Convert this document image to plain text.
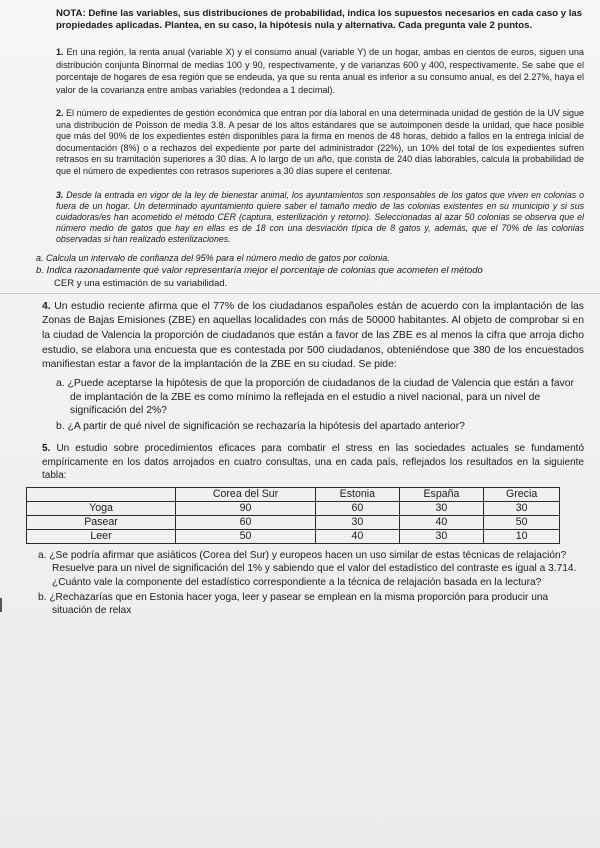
NOTA: Define las variables, sus distribuciones de probabilidad, indica los supuestos necesarios en cada caso y las propiedades aplicadas. Plantea, en su caso, la hipótesis nula y alternativa. Cada pregunta vale 2 puntos.

1. En una región, la renta anual (variable X) y el consumo anual (variable Y) de un hogar, ambas en cientos de euros, siguen una distribución conjunta Binormal de medias 100 y 90, respectivamente, y de varianzas 600 y 400, respectivamente. Se sabe que el porcentaje de hogares de esa región que se endeuda, ya que su renta anual es inferior a su consumo anual, es del 2.27%, haya el valor de la covarianza entre ambas variables (redondea a 1 decimal).

2. El número de expedientes de gestión económica que entran por día laboral en una determinada unidad de gestión de la UV sigue una distribución de Poisson de media 3.8. A pesar de los altos estándares que se autoimponen desde la unidad, que hace posible que más del 90% de los expedientes estén disponibles para la firma en menos de 48 horas, debido a fallos en la entrega inicial de documentación (8%) o a rechazos del expediente por parte del administrador (22%), un 10% del total de los expedientes sufren retrasos en su tramitación superiores a 30 días. A lo largo de un año, que consta de 240 días laborables, calcula la probabilidad de que el número de expedientes con retrasos superiores a 30 días supere el centenar.

3. Desde la entrada en vigor de la ley de bienestar animal, los ayuntamientos son responsables de los gatos que viven en colonias o fuera de un hogar. Un determinado ayuntamiento quiere saber el tamaño medio de las colonias existentes en su municipio y si sus cuidadoras/es han acometido el método CER (captura, esterilización y retorno). Seleccionadas al azar 50 colonias se observa que el número medio de gatos que hay en ellas es de 18 con una desviación típica de 8 gatos y, además, que el 70% de las colonias observadas si han realizado esterilizaciones.

a. Calcula un intervalo de confianza del 95% para el número medio de gatos por colonia.

b. Indica razonadamente qué valor representaría mejor el porcentaje de colonias que acometen el método
CER y una estimación de su variabilidad.

4. Un estudio reciente afirma que el 77% de los ciudadanos españoles están de acuerdo con la implantación de las Zonas de Bajas Emisiones (ZBE) en aquellas localidades con más de 50000 habitantes. Al objeto de comprobar si en la ciudad de Valencia la proporción de ciudadanos que están a favor de las ZBE es al menos la cifra que arroja dicho estudio, se elabora una encuesta que es contestada por 500 ciudadanos, obteniéndose que 380 de los encuestados manifiestan estar a favor de la implantación de la ZBE en su ciudad. Se pide:

a. ¿Puede aceptarse la hipótesis de que la proporción de ciudadanos de la ciudad de Valencia que están a favor de implantación de la ZBE es como mínimo la reflejada en el estudio a nivel nacional, para un nivel de significación del 2%?

b. ¿A partir de qué nivel de significación se rechazaría la hipótesis del apartado anterior?

5. Un estudio sobre procedimientos eficaces para combatir el stress en las sociedades actuales se fundamentó empíricamente en los datos arrojados en cuatro consultas, una en cada país, reflejados los resultados en la siguiente tabla:

	Corea del Sur	Estonia	España	Grecia
Yoga	90	60	30	30
Pasear	60	30	40	50
Leer	50	40	30	10

a. ¿Se podría afirmar que asiáticos (Corea del Sur) y europeos hacen un uso similar de estas técnicas de relajación? Resuelve para un nivel de significación del 1% y sabiendo que el valor del estadístico del contraste es igual a 3.714. ¿Cuánto vale la componente del estadístico correspondiente a la técnica de relajación basada en la lectura?

b. ¿Rechazarías que en Estonia hacer yoga, leer y pasear se emplean en la misma proporción para producir una situación de relax
